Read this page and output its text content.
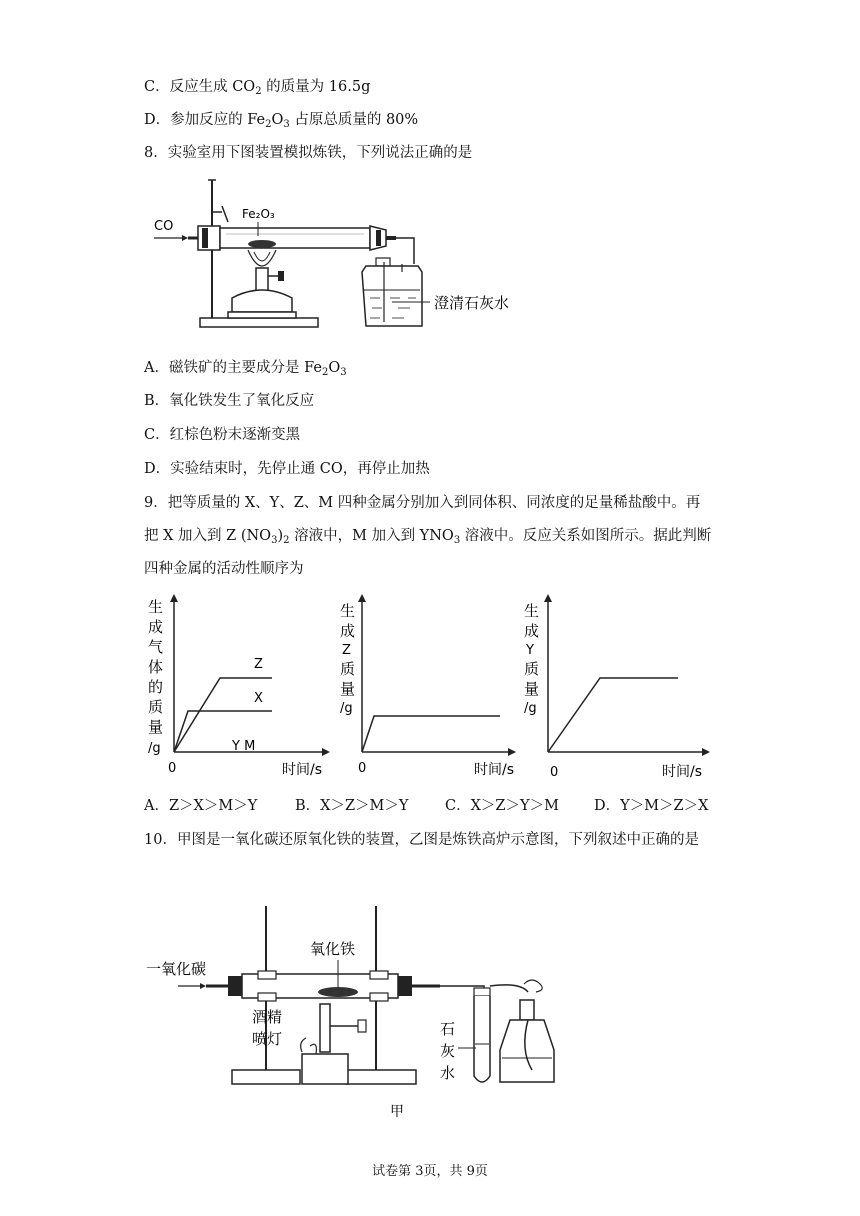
C．反应生成 $CO_2$ 的质量为 16.5g
D．参加反应的 $Fe_2O_3$ 占原总质量的 80%
8．实验室用下图装置模拟炼铁，下列说法正确的是
CO
Fe₂O₃
澄清石灰水
A．磁铁矿的主要成分是 $Fe_2O_3$
B．氧化铁发生了氧化反应
C．红棕色粉末逐渐变黑
D．实验结束时，先停止通 CO，再停止加热
9．把等质量的 X、Y、Z、M 四种金属分别加入到同体积、同浓度的足量稀盐酸中。再
把 X 加入到 Z $(NO_3)_2$ 溶液中，M 加入到 $YNO_3$ 溶液中。反应关系如图所示。据此判断
四种金属的活动性顺序为
生
成
气
体
的
质
量
/g
0	时间/s
Z
X
Y M
生
成
Z
质
量
/g
0	时间/s
生
成
Y
质
量
/g
0	时间/s
A．Z＞X＞M＞Y	B．X＞Z＞M＞Y	C．X＞Z＞Y＞M D．Y＞M＞Z＞X
10．甲图是一氧化碳还原氧化铁的装置，乙图是炼铁高炉示意图，下列叙述中正确的是
一氧化碳
氧化铁
酒精
喷灯
石
灰
水
甲
试卷第 3页，共 9页
